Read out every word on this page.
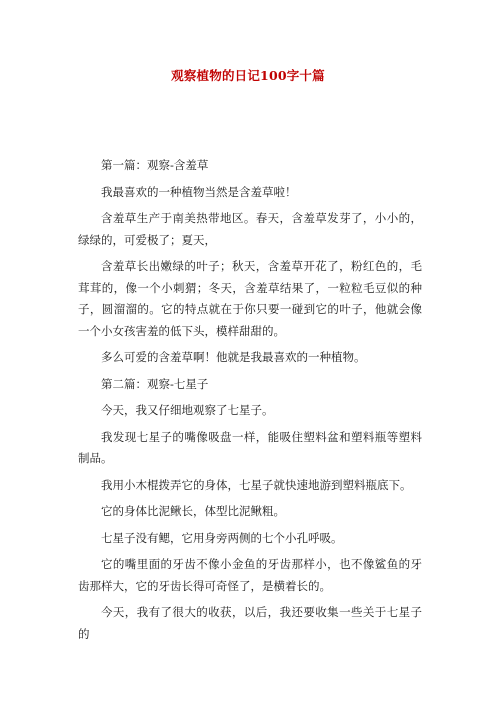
观察植物的日记100字十篇

第一篇：观察-含羞草

我最喜欢的一种植物当然是含羞草啦！

含羞草生产于南美热带地区。春天，含羞草发芽了，小小的，绿绿的，可爱极了；夏天，

含羞草长出嫩绿的叶子；秋天，含羞草开花了，粉红色的，毛茸茸的，像一个小刺猬；冬天，含羞草结果了，一粒粒毛豆似的种子，圆溜溜的。它的特点就在于你只要一碰到它的叶子，他就会像一个小女孩害羞的低下头，模样甜甜的。

多么可爱的含羞草啊！他就是我最喜欢的一种植物。

第二篇：观察-七星子

今天，我又仔细地观察了七星子。

我发现七星子的嘴像吸盘一样，能吸住塑料盆和塑料瓶等塑料制品。

我用小木棍拨弄它的身体，七星子就快速地游到塑料瓶底下。

它的身体比泥鳅长，体型比泥鳅粗。

七星子没有鳃，它用身旁两侧的七个小孔呼吸。

它的嘴里面的牙齿不像小金鱼的牙齿那样小，也不像鲨鱼的牙齿那样大，它的牙齿长得可奇怪了，是横着长的。

今天，我有了很大的收获，以后，我还要收集一些关于七星子的
